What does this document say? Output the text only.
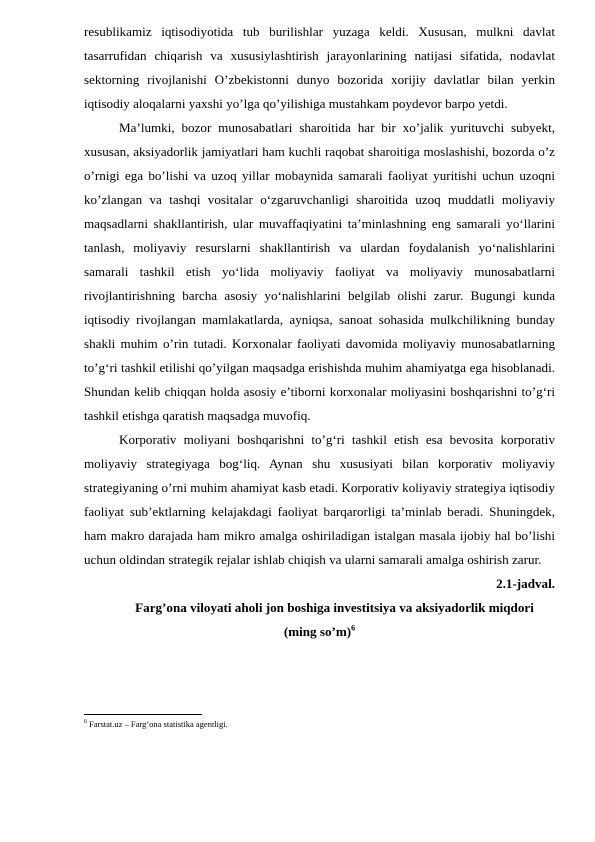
resublikamiz iqtisodiyotida tub burilishlar yuzaga keldi. Xususan, mulkni davlat tasarrufidan chiqarish va xususiylashtirish jarayonlarining natijasi sifatida, nodavlat sektorning rivojlanishi O’zbekistonni dunyo bozorida xorijiy davlatlar bilan yerkin iqtisodiy aloqalarni yaxshi yo’lga qo’yilishiga mustahkam poydevor barpo yetdi.

Ma’lumki, bozor munosabatlari sharoitida har bir xo’jalik yurituvchi subyekt, xususan, aksiyadorlik jamiyatlari ham kuchli raqobat sharoitiga moslashishi, bozorda o’z o’rnigi ega bo’lishi va uzoq yillar mobaynida samarali faoliyat yuritishi uchun uzoqni ko’zlangan va tashqi vositalar o‘zgaruvchanligi sharoitida uzoq muddatli moliyaviy maqsadlarni shakllantirish, ular muvaffaqiyatini ta’minlashning eng samarali yo‘llarini tanlash, moliyaviy resurslarni shakllantirish va ulardan foydalanish yo‘nalishlarini samarali tashkil etish yo‘lida moliyaviy faoliyat va moliyaviy munosabatlarni rivojlantirishning barcha asosiy yo‘nalishlarini belgilab olishi zarur. Bugungi kunda iqtisodiy rivojlangan mamlakatlarda, ayniqsa, sanoat sohasida mulkchilikning bunday shakli muhim o’rin tutadi. Korxonalar faoliyati davomida moliyaviy munosabatlarning to’g‘ri tashkil etilishi qo’yilgan maqsadga erishishda muhim ahamiyatga ega hisoblanadi. Shundan kelib chiqqan holda asosiy e’tiborni korxonalar moliyasini boshqarishni to’g‘ri tashkil etishga qaratish maqsadga muvofiq.

Korporativ moliyani boshqarishni to’g‘ri tashkil etish esa bevosita korporativ moliyaviy strategiyaga bog‘liq. Aynan shu xususiyati bilan korporativ moliyaviy strategiyaning o’rni muhim ahamiyat kasb etadi. Korporativ koliyaviy strategiya iqtisodiy faoliyat sub’ektlarning kelajakdagi faoliyat barqarorligi ta’minlab beradi. Shuningdek, ham makro darajada ham mikro amalga oshiriladigan istalgan masala ijobiy hal bo’lishi uchun oldindan strategik rejalar ishlab chiqish va ularni samarali amalga oshirish zarur.

2.1-jadval.

Farg’ona viloyati aholi jon boshiga investitsiya va aksiyadorlik miqdori
(ming so’m)$^6$

$^6$ Farstat.uz – Farg’ona statistika agentligi.
